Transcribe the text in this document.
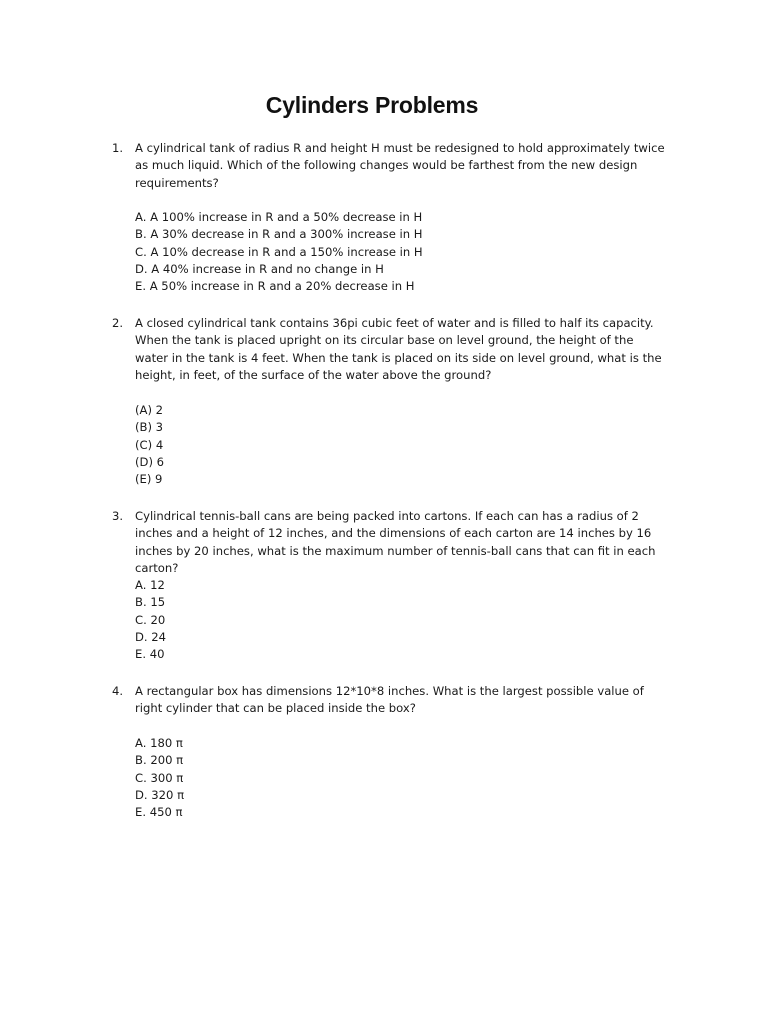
Cylinders Problems
1.	A cylindrical tank of radius R and height H must be redesigned to hold approximately twice as much liquid. Which of the following changes would be farthest from the new design requirements?
A. A 100% increase in R and a 50% decrease in H
B. A 30% decrease in R and a 300% increase in H
C. A 10% decrease in R and a 150% increase in H
D. A 40% increase in R and no change in H
E. A 50% increase in R and a 20% decrease in H
2.	A closed cylindrical tank contains 36pi cubic feet of water and is filled to half its capacity. When the tank is placed upright on its circular base on level ground, the height of the water in the tank is 4 feet. When the tank is placed on its side on level ground, what is the height, in feet, of the surface of the water above the ground?
(A) 2
(B) 3
(C) 4
(D) 6
(E) 9
3.	Cylindrical tennis-ball cans are being packed into cartons. If each can has a radius of 2 inches and a height of 12 inches, and the dimensions of each carton are 14 inches by 16 inches by 20 inches, what is the maximum number of tennis-ball cans that can fit in each carton?
A. 12
B. 15
C. 20
D. 24
E. 40
4.	A rectangular box has dimensions 12*10*8 inches. What is the largest possible value of right cylinder that can be placed inside the box?
A. 180 π
B. 200 π
C. 300 π
D. 320 π
E. 450 π
